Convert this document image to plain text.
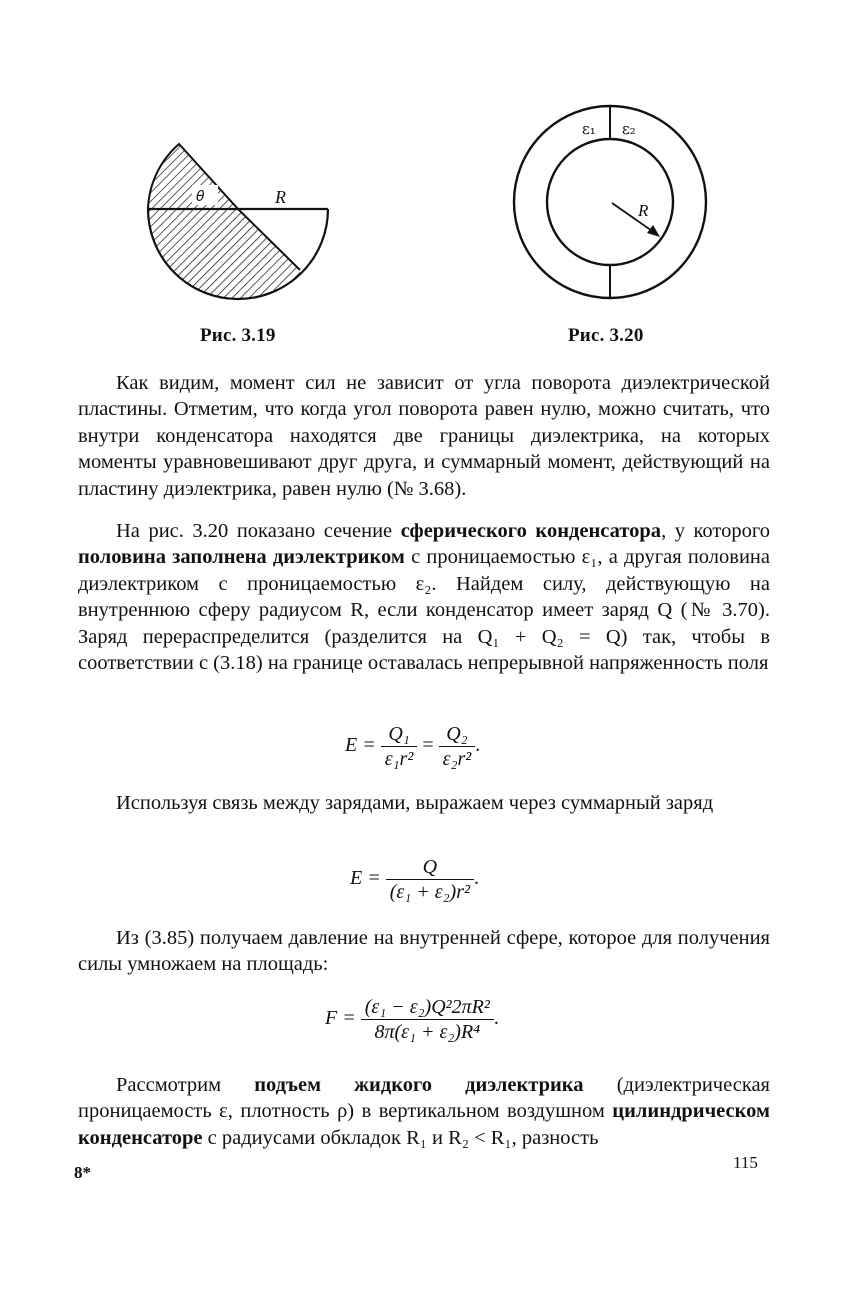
θ	R
Рис. 3.19
ε₁ ε₂
R
Рис. 3.20

Как видим, момент сил не зависит от угла поворота диэлектрической пластины. Отметим, что когда угол поворота равен нулю, можно считать, что внутри конденсатора находятся две границы диэлектрика, на которых моменты уравновешивают друг друга, и суммарный момент, действующий на пластину диэлектрика, равен нулю (№ 3.68).

На рис. 3.20 показано сечение сферического конденсатора, у которого половина заполнена диэлектриком с проницаемостью ε₁, а другая половина диэлектриком с проницаемостью ε₂. Найдем силу, действующую на внутреннюю сферу радиусом R, если конденсатор имеет заряд Q (№ 3.70). Заряд перераспределится (разделится на Q₁ + Q₂ = Q) так, чтобы в соответствии с (3.18) на границе оставалась непрерывной напряженность поля

$E = \frac{\text{Q₁}}{\text{ε₁r²}} = \frac{\text{Q₂}}{\text{ε₂r²}}$ .

Используя связь между зарядами, выражаем через суммарный заряд

$E = \frac{Q}{\text{(ε₁ + ε₂)r²}}$ .

Из (3.85) получаем давление на внутренней сфере, которое для получения силы умножаем на площадь:

$F = \frac{\text{(ε₁ − ε₂)Q²2πR²}}{\text{8π(ε₁ + ε₂)R⁴}}$ .

Рассмотрим подъем жидкого диэлектрика (диэлектрическая проницаемость ε, плотность ρ) в вертикальном воздушном цилиндрическом конденсаторе с радиусами обкладок R₁ и R₂ < R₁, разность

8*
115
